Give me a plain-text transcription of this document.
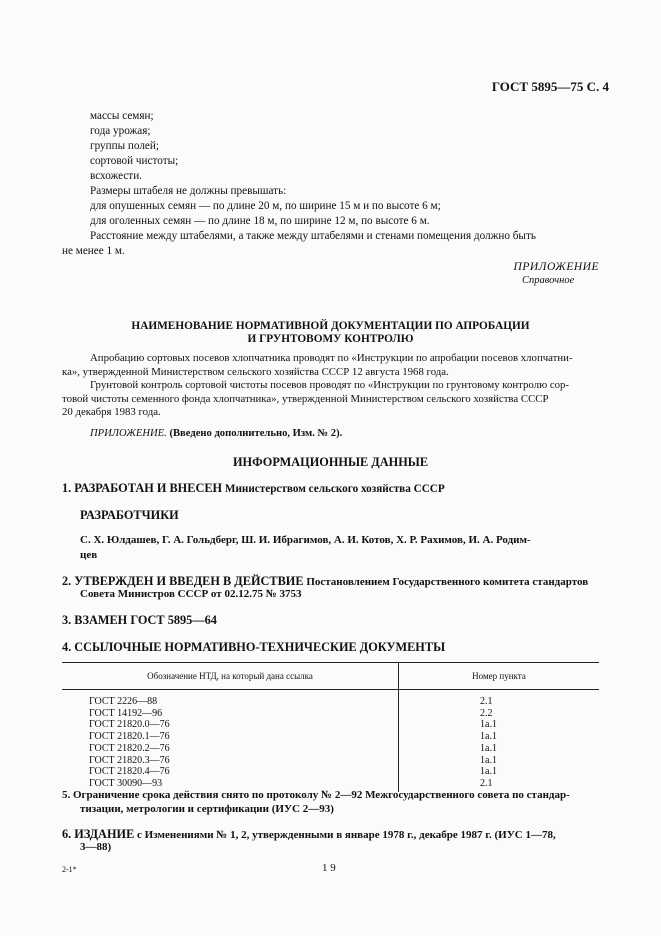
ГОСТ 5895—75 С. 4
массы семян;
года урожая;
группы полей;
сортовой чистоты;
всхожести.
Размеры штабеля не должны превышать:
для опушенных семян — по длине 20 м, по ширине 15 м и по высоте 6 м;
для оголенных семян — по длине 18 м, по ширине 12 м, по высоте 6 м.
Расстояние между штабелями, а также между штабелями и стенами помещения должно быть
не менее 1 м.
ПРИЛОЖЕНИЕ
Справочное
НАИМЕНОВАНИЕ НОРМАТИВНОЙ ДОКУМЕНТАЦИИ ПО АПРОБАЦИИ
И ГРУНТОВОМУ КОНТРОЛЮ
Апробацию сортовых посевов хлопчатника проводят по «Инструкции по апробации посевов хлопчатни-
ка», утвержденной Министерством сельского хозяйства СССР 12 августа 1968 года.
Грунтовой контроль сортовой чистоты посевов проводят по «Инструкции по грунтовому контролю сор-
товой чистоты семенного фонда хлопчатника», утвержденной Министерством сельского хозяйства СССР
20 декабря 1983 года.
ПРИЛОЖЕНИЕ. (Введено дополнительно, Изм. № 2).
ИНФОРМАЦИОННЫЕ ДАННЫЕ
1. РАЗРАБОТАН И ВНЕСЕН Министерством сельского хозяйства СССР
РАЗРАБОТЧИКИ
С. Х. Юлдашев, Г. А. Гольдберг, Ш. И. Ибрагимов, А. И. Котов, Х. Р. Рахимов, И. А. Родим-
цев
2. УТВЕРЖДЕН И ВВЕДЕН В ДЕЙСТВИЕ Постановлением Государственного комитета стандартов
Совета Министров СССР от 02.12.75 № 3753
3. ВЗАМЕН ГОСТ 5895—64
4. ССЫЛОЧНЫЕ НОРМАТИВНО-ТЕХНИЧЕСКИЕ ДОКУМЕНТЫ
Обозначение НТД, на который дана ссылка	Номер пункта
ГОСТ 2226—88	2.1
ГОСТ 14192—96	2.2
ГОСТ 21820.0—76	1а.1
ГОСТ 21820.1—76	1а.1
ГОСТ 21820.2—76	1а.1
ГОСТ 21820.3—76	1а.1
ГОСТ 21820.4—76	1а.1
ГОСТ 30090—93	2.1
5. Ограничение срока действия снято по протоколу № 2—92 Межгосударственного совета по стандар-
тизации, метрологии и сертификации (ИУС 2—93)
6. ИЗДАНИЕ с Изменениями № 1, 2, утвержденными в январе 1978 г., декабре 1987 г. (ИУС 1—78,
3—88)
2-1*	1 9
